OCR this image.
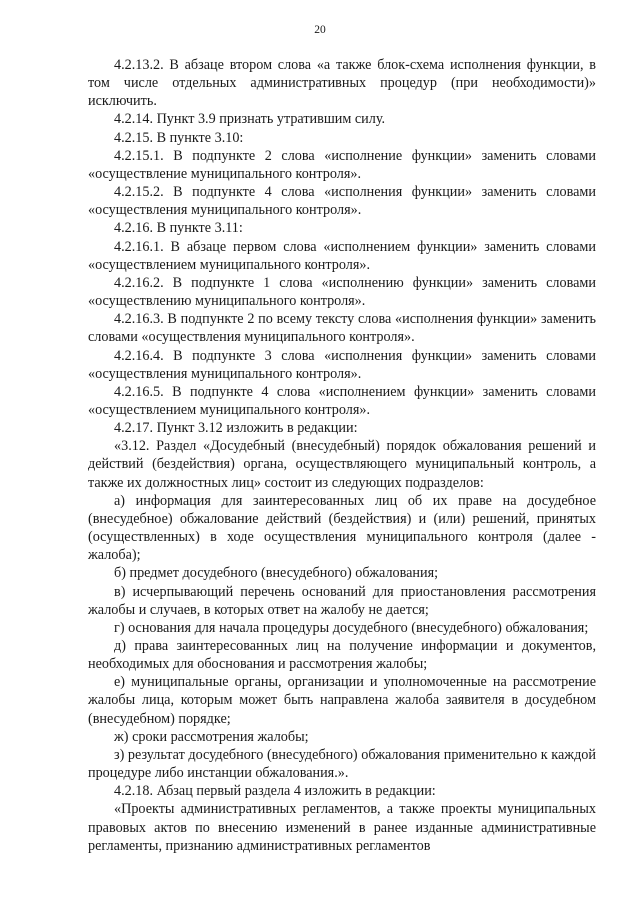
20

4.2.13.2. В абзаце втором слова «а также блок-схема исполнения функции, в том числе отдельных административных процедур (при необходимости)» исключить.

4.2.14. Пункт 3.9 признать утратившим силу.

4.2.15. В пункте 3.10:

4.2.15.1. В подпункте 2 слова «исполнение функции» заменить словами «осуществление муниципального контроля».

4.2.15.2. В подпункте 4 слова «исполнения функции» заменить словами «осуществления муниципального контроля».

4.2.16. В пункте 3.11:

4.2.16.1. В абзаце первом слова «исполнением функции» заменить словами «осуществлением муниципального контроля».

4.2.16.2. В подпункте 1 слова «исполнению функции» заменить словами «осуществлению муниципального контроля».

4.2.16.3. В подпункте 2 по всему тексту слова «исполнения функции» заменить словами «осуществления муниципального контроля».

4.2.16.4. В подпункте 3 слова «исполнения функции» заменить словами «осуществления муниципального контроля».

4.2.16.5. В подпункте 4 слова «исполнением функции» заменить словами «осуществлением муниципального контроля».

4.2.17. Пункт 3.12 изложить в редакции:

«3.12. Раздел «Досудебный (внесудебный) порядок обжалования решений и действий (бездействия) органа, осуществляющего муниципальный контроль, а также их должностных лиц» состоит из следующих подразделов:

а) информация для заинтересованных лиц об их праве на досудебное (внесудебное) обжалование действий (бездействия) и (или) решений, принятых (осуществленных) в ходе осуществления муниципального контроля (далее - жалоба);

б) предмет досудебного (внесудебного) обжалования;

в) исчерпывающий перечень оснований для приостановления рассмотрения жалобы и случаев, в которых ответ на жалобу не дается;

г) основания для начала процедуры досудебного (внесудебного) обжалования;

д) права заинтересованных лиц на получение информации и документов, необходимых для обоснования и рассмотрения жалобы;

е) муниципальные органы, организации и уполномоченные на рассмотрение жалобы лица, которым может быть направлена жалоба заявителя в досудебном (внесудебном) порядке;

ж) сроки рассмотрения жалобы;

з) результат досудебного (внесудебного) обжалования применительно к каждой процедуре либо инстанции обжалования.».

4.2.18. Абзац первый раздела 4 изложить в редакции:

«Проекты административных регламентов, а также проекты муниципальных правовых актов по внесению изменений в ранее изданные административные регламенты, признанию административных регламентов
